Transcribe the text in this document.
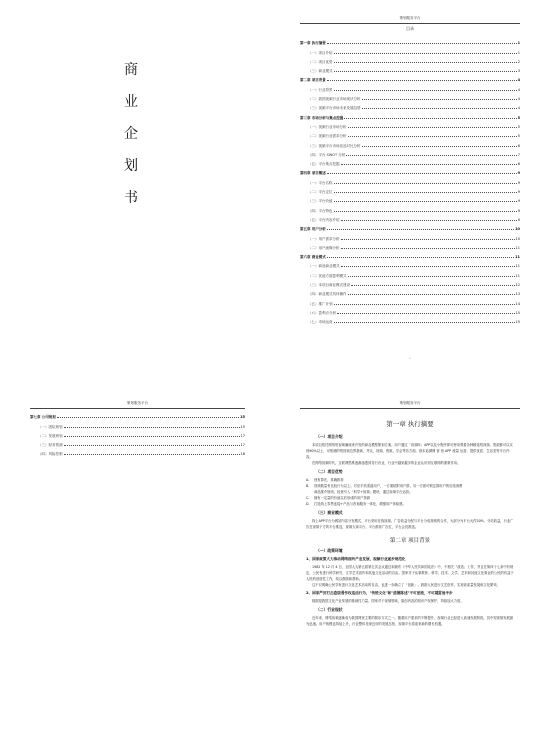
商
业
企
划
书
策划服务平台
目录
第一章 执行摘要	1
（一）项目介绍	1
（二）项目优势	2
（三）商业模式	3
第二章 项目背景	4
（一）行业背景	4
（二）我国视频行业市场现状分析	4
（三）视频平台市场未来发展趋势	4
第三章 市场分析与集点挖掘	5
（一）视频行业市场分析	5
（二）视频行业需求分析	5
（三）视频平台市场竞品对比分析	6
（四）平台 SWOT 分析	7
（五）平台集点挖掘	8
第四章 项目概述	9
（一）平台名称	9
（二）平台定位	9
（三）平台价值	9
（四）平台特色	9
（五）平台内容介绍	9
第五章 用户分析	10
（一）用户需求分析	10
（二）用户画像分析	11
第六章 商业模式	11
（一）商品商业模式	11
（二）其他方面盈利模式	11
（三）本项目商业模式建设	12
（四）商业模式具体操作	13
（五）推广计划	14
（六）盈利点分析	15
（七）市场运营	15
•
策划服务平台
第七章 公司规划	15
（一）团队规划	15
（二）发展规划	17
（三）财务预测	17
（四）风险控制	18
策划服务平台
第一章 执行摘要
（一）项目介绍
本项目依托网络短视频潮流来开发的商业模型策划方案。用户通过「视频咔」APP以及小程序即可使用观看各种精选短视频、资源都可以实现90%以上，可预测的短视频边界基础，并以，视频、资源，学会等各方面。基本追溯网 营 营 APP 流量 运营，提供优质、生活类等平台内容。
在网络视频时代，互联网思维逐渐渗透到各行各业，行业中越来越多的企业认识到互联网的重要作用。
（二）项目优势
A.	独有算法，准确推荐
B.	视频数量有比较行为以上。对应手机渠道用户，一方面粘附用户群，另一方面可锁定群用户的后续消费
商品推介规则，检查引入「科学+视频」模块，通过视频平台运营。
C.	拥有一定量的价值以后形成的用户资源
D.	打造线上零售连接+产品与咨询服务一体化，增强用户体验感。
（三）商业模式
线上APP平台为网站内容分发模式，平台采用在线视频。广告收益分配与平台分成规则的合作，大部分为平台大约20%，分站收益，行业广告在视频下方的平台推送，视频大赛平台、平台推荐广告位，平台会员推送。
第二章 项目背景
（一）政策环境
1、国家政策大力推动网络视听产业发展，视频行业逐步规范化
1982 年 12 月 4 日，全国人大第五届第五次会议通过和颁布《中华人民共和国宪法》中，不相关「改造」工作，并且在第四十七条中有规定，公民有进行科学研究、文学艺术创作和其他文化活动的自由。国家对于从事教育、科学、技术、文学、艺术和其他文化事业的公民的有益于人民的创造性工作，给以鼓励和帮助。
这不仅明确公民享有进行文化艺术活动的自由，也进一步确立了「创新」，鼓励人民进行文艺创作，实现高质量发展和文化繁荣。
2、国家严厉打击盗版著作权违法行为，"传统文化"和"道德陈述"不可逆流，不可越雷池半步
数据是我国文化产业发展的基础性力量，国家对于视频领域，原创内容的知识产权保护，持续加大力度。
（二）行业现状
近年来，网络视频逐渐成为我国网民主要的娱乐方式之一。随着用户需求的不断提升，视频行业已经进入高速发展阶段，其中短视频发展最为迅速。用户规模也持续上升，行业整体呈现良好的发展态势，视频平台将迎来新的增长机遇。
